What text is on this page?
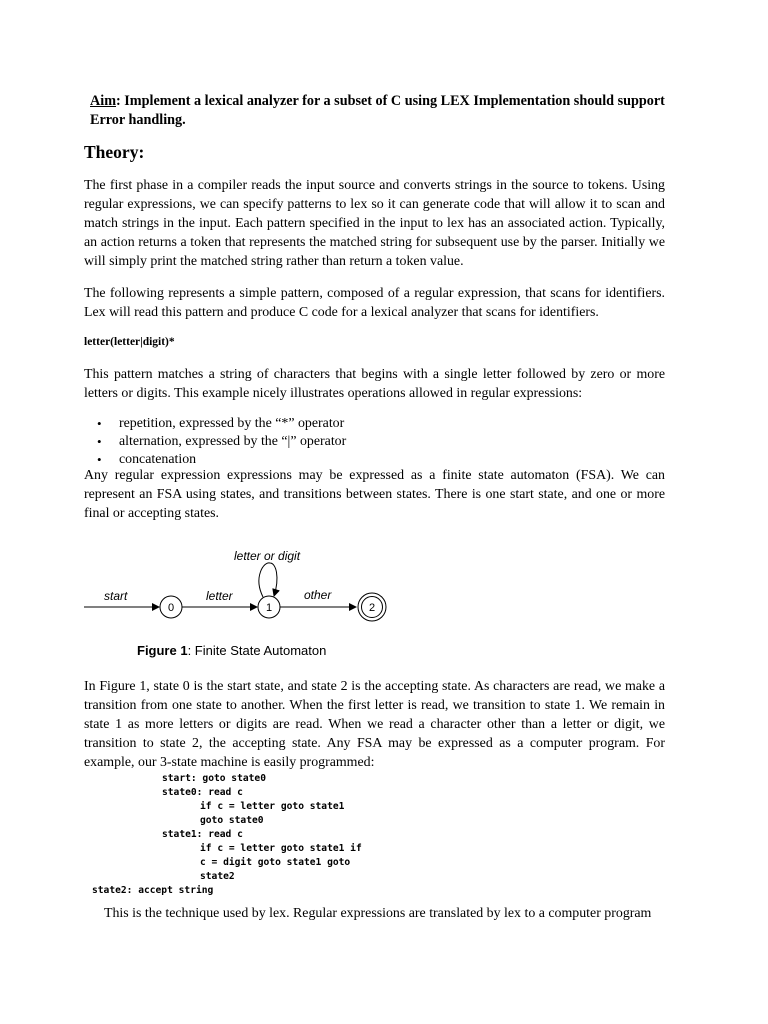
Aim: Implement a lexical analyzer for a subset of C using LEX Implementation should support Error handling.
Theory:
The first phase in a compiler reads the input source and converts strings in the source to tokens. Using regular expressions, we can specify patterns to lex so it can generate code that will allow it to scan and match strings in the input. Each pattern specified in the input to lex has an associated action. Typically, an action returns a token that represents the matched string for subsequent use by the parser. Initially we will simply print the matched string rather than return a token value.
The following represents a simple pattern, composed of a regular expression, that scans for identifiers. Lex will read this pattern and produce C code for a lexical analyzer that scans for identifiers.
letter(letter|digit)*
This pattern matches a string of characters that begins with a single letter followed by zero or more letters or digits. This example nicely illustrates operations allowed in regular expressions:
• repetition, expressed by the “*” operator
• alternation, expressed by the “|” operator
• concatenation
Any regular expression expressions may be expressed as a finite state automaton (FSA). We can represent an FSA using states, and transitions between states. There is one start state, and one or more final or accepting states.
start
0
letter
1
letter or digit
other
2
Figure 1: Finite State Automaton
In Figure 1, state 0 is the start state, and state 2 is the accepting state. As characters are read, we make a transition from one state to another. When the first letter is read, we transition to state 1. We remain in state 1 as more letters or digits are read. When we read a character other than a letter or digit, we transition to state 2, the accepting state. Any FSA may be expressed as a computer program. For example, our 3-state machine is easily programmed:
start: goto state0
state0: read c
if c = letter goto state1
goto state0
state1: read c
if c = letter goto state1 if
c = digit goto state1 goto
state2
state2: accept string
This is the technique used by lex. Regular expressions are translated by lex to a computer program
